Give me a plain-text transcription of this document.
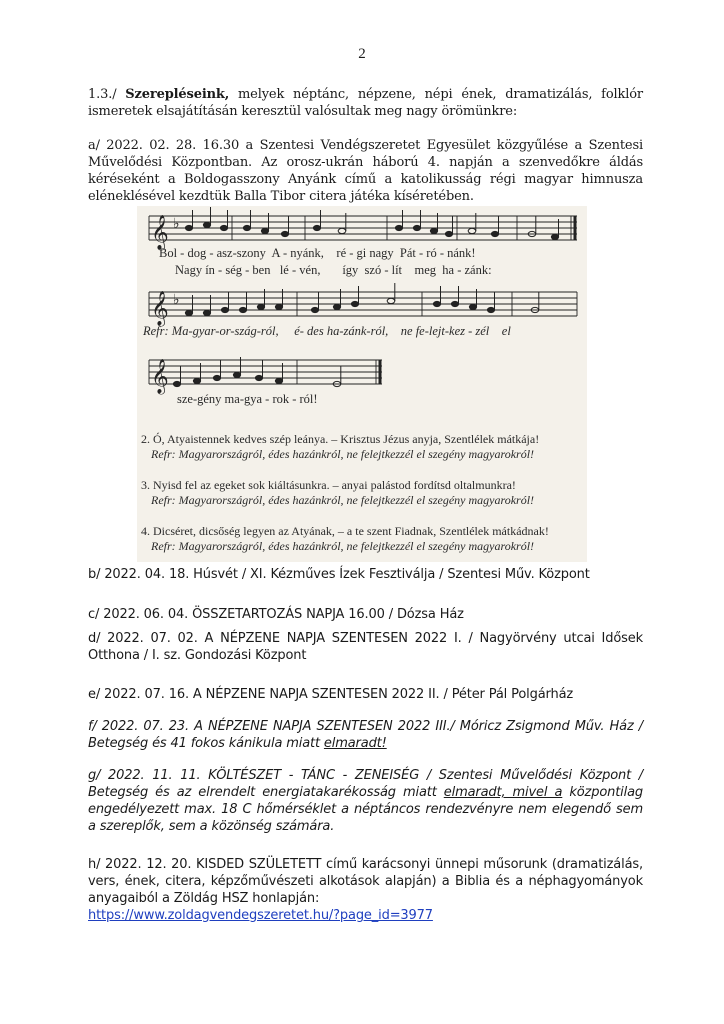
2
1.3./ Szerepléseink, melyek néptánc, népzene, népi ének, dramatizálás, folklór ismeretek elsajátításán keresztül valósultak meg nagy örömünkre:
a/ 2022. 02. 28. 16.30 a Szentesi Vendégszeretet Egyesület közgyűlése a Szentesi Művelődési Központban. Az orosz-ukrán háború 4. napján a szenvedőkre áldás kéréseként a Boldogasszony Anyánk című a katolikusság régi magyar himnusza eléneklésével kezdtük Balla Tibor citera játéka kíséretében.
𝄞 ♭
𝄞 ♭
𝄞
Bol - dog - asz-szony  A - nyánk,    ré - gi nagy  Pát - ró - nánk!
Nagy ín - ség - ben   lé - vén,       így  szó - lít    meg  ha - zánk:
Refr: Ma-gyar-or-szág-ról,     é- des ha-zánk-ról,    ne fe-lejt-kez - zél    el
sze-gény ma-gya - rok - ról!
2. Ó, Atyaistennek kedves szép leánya. – Krisztus Jézus anyja, Szentlélek mátkája!
Refr: Magyarországról, édes hazánkról, ne felejtkezzél el szegény magyarokról!
3. Nyisd fel az egeket sok kiáltásunkra. – anyai palástod fordítsd oltalmunkra!
Refr: Magyarországról, édes hazánkról, ne felejtkezzél el szegény magyarokról!
4. Dicséret, dicsőség legyen az Atyának, – a te szent Fiadnak, Szentlélek mátkádnak!
Refr: Magyarországról, édes hazánkról, ne felejtkezzél el szegény magyarokról!
b/ 2022. 04. 18. Húsvét / XI. Kézműves Ízek Fesztiválja / Szentesi Műv. Központ
c/ 2022. 06. 04. ÖSSZETARTOZÁS NAPJA 16.00 / Dózsa Ház
d/ 2022. 07. 02. A NÉPZENE NAPJA SZENTESEN 2022 I. / Nagyörvény utcai Idősek Otthona / I. sz. Gondozási Központ
e/ 2022. 07. 16. A NÉPZENE NAPJA SZENTESEN 2022 II. / Péter Pál Polgárház
f/ 2022. 07. 23. A NÉPZENE NAPJA SZENTESEN 2022 III./ Móricz Zsigmond Műv. Ház / Betegség és 41 fokos kánikula miatt elmaradt!
g/ 2022. 11. 11. KÖLTÉSZET - TÁNC - ZENEISÉG / Szentesi Művelődési Központ / Betegség és az elrendelt energiatakarékosság miatt elmaradt, mivel a központilag engedélyezett max. 18 C hőmérséklet a néptáncos rendezvényre nem elegendő sem a szereplők, sem a közönség számára.
h/ 2022. 12. 20. KISDED SZÜLETETT című karácsonyi ünnepi műsorunk (dramatizálás, vers, ének, citera, képzőművészeti alkotások alapján) a Biblia és a néphagyományok anyagaiból a Zöldág HSZ honlapján:
https://www.zoldagvendegszeretet.hu/?page_id=3977
